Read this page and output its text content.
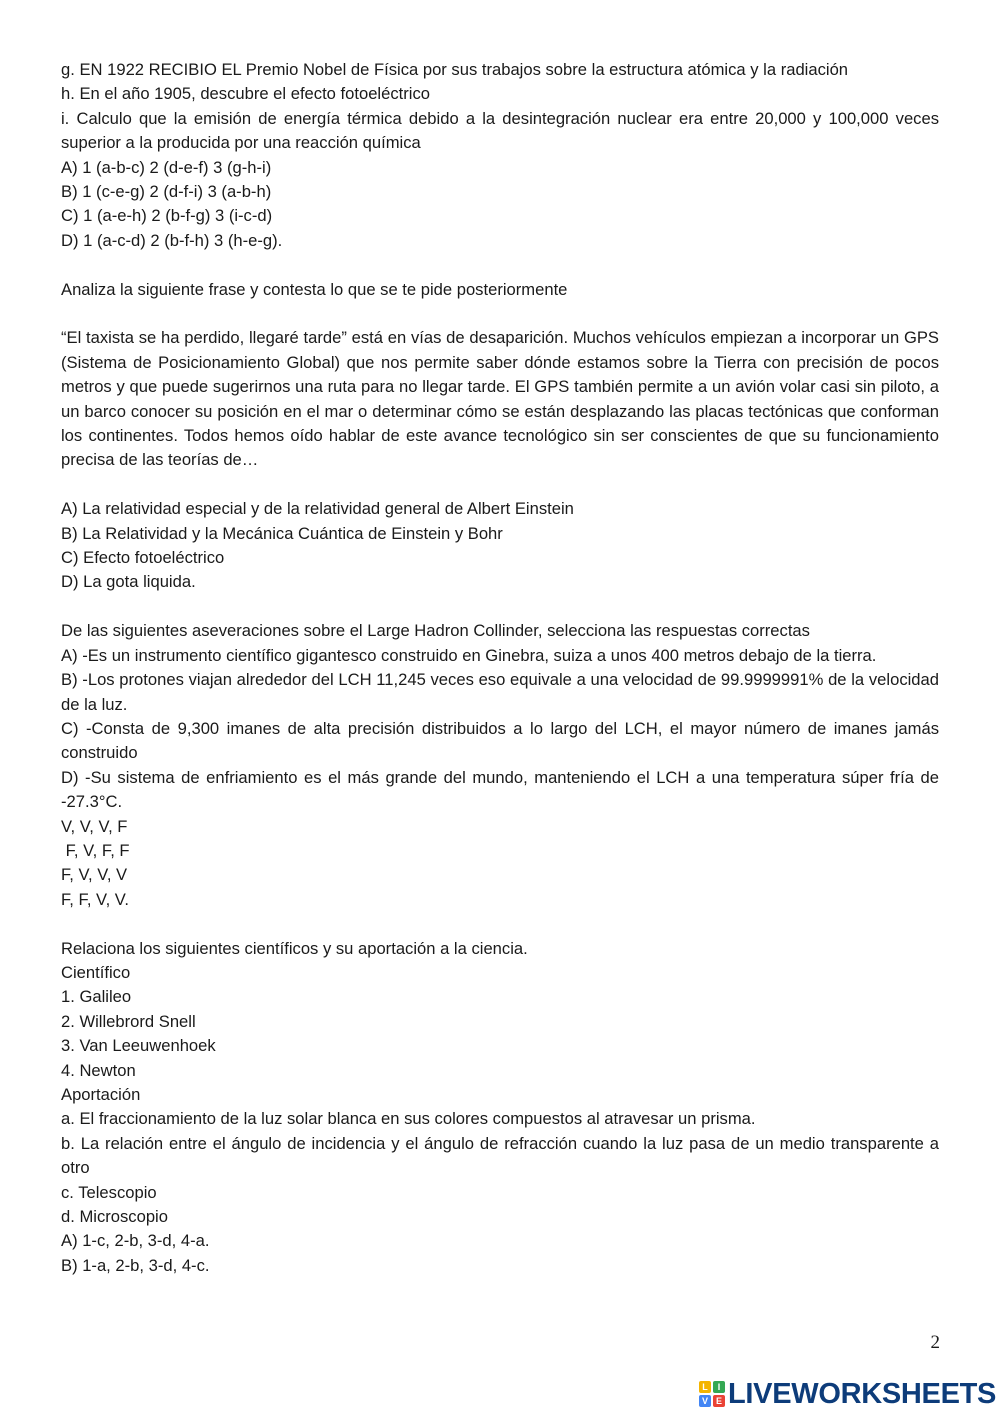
g. EN 1922 RECIBIO EL Premio Nobel de Física por sus trabajos sobre la estructura atómica y la radiación
h. En el año 1905, descubre el efecto fotoeléctrico
i. Calculo que la emisión de energía térmica debido a la desintegración nuclear era entre 20,000 y 100,000 veces superior a la producida por una reacción química
A) 1 (a-b-c) 2 (d-e-f) 3 (g-h-i)
B) 1 (c-e-g) 2 (d-f-i) 3 (a-b-h)
C) 1 (a-e-h) 2 (b-f-g) 3 (i-c-d)
D) 1 (a-c-d) 2 (b-f-h) 3 (h-e-g).
Analiza la siguiente frase y contesta lo que se te pide posteriormente
“El taxista se ha perdido, llegaré tarde” está en vías de desaparición. Muchos vehículos empiezan a incorporar un GPS (Sistema de Posicionamiento Global) que nos permite saber dónde estamos sobre la Tierra con precisión de pocos metros y que puede sugerirnos una ruta para no llegar tarde. El GPS también permite a un avión volar casi sin piloto, a un barco conocer su posición en el mar o determinar cómo se están desplazando las placas tectónicas que conforman los continentes. Todos hemos oído hablar de este avance tecnológico sin ser conscientes de que su funcionamiento precisa de las teorías de…
A) La relatividad especial y de la relatividad general de Albert Einstein
B) La Relatividad y la Mecánica Cuántica de Einstein y Bohr
C) Efecto fotoeléctrico
D) La gota liquida.
De las siguientes aseveraciones sobre el Large Hadron Collinder, selecciona las respuestas correctas
A) -Es un instrumento científico gigantesco construido en Ginebra, suiza a unos 400 metros debajo de la tierra.
B) -Los protones viajan alrededor del LCH 11,245 veces eso equivale a una velocidad de 99.9999991% de la velocidad de la luz.
C) -Consta de 9,300 imanes de alta precisión distribuidos a lo largo del LCH, el mayor número de imanes jamás construido
D) -Su sistema de enfriamiento es el más grande del mundo, manteniendo el LCH a una temperatura súper fría de -27.3°C.
V, V, V, F
F, V, F, F
F, V, V, V
F, F, V, V.
Relaciona los siguientes científicos y su aportación a la ciencia.
Científico
1. Galileo
2. Willebrord Snell
3. Van Leeuwenhoek
4. Newton
Aportación
a. El fraccionamiento de la luz solar blanca en sus colores compuestos al atravesar un prisma.
b. La relación entre el ángulo de incidencia y el ángulo de refracción cuando la luz pasa de un medio transparente a otro
c. Telescopio
d. Microscopio
A) 1-c, 2-b, 3-d, 4-a.
B) 1-a, 2-b, 3-d, 4-c.
2
L	I
V E LIVEWORKSHEETS
